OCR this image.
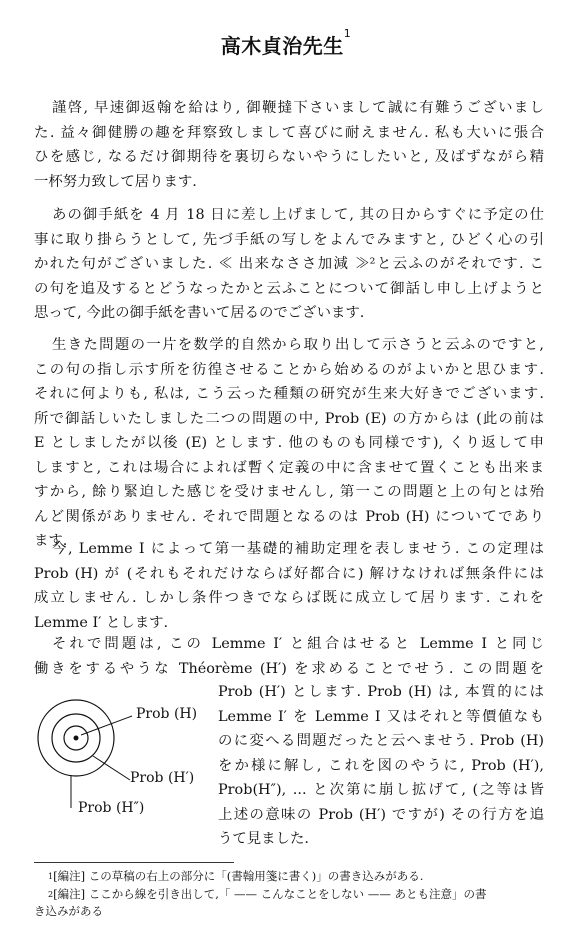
高木貞治先生$^1$
謹啓, 早速御返翰を給はり, 御鞭撻下さいまして誠に有難うございまし
た. 益々御健勝の趣を拜察致しまして喜びに耐えません. 私も大いに張合
ひを感じ, なるだけ御期待を裏切らないやうにしたいと, 及ばずながら精
一杯努力致して居ります.
あの御手紙を 4 月 18 日に差し上げまして, 其の日からすぐに予定の仕
事に取り掛らうとして, 先づ手紙の写しをよんでみますと, ひどく心の引
かれた句がございました. ≪ 出来なささ加減 ≫²と云ふのがそれです. こ
の句を追及するとどうなったかと云ふことについて御話し申し上げようと
思って, 今此の御手紙を書いて居るのでございます.
生きた問題の一片を数学的自然から取り出して示さうと云ふのですと,
この句の指し示す所を彷徨させることから始めるのがよいかと思ひます.
それに何よりも, 私は, こう云った種類の研究が生来大好きでございます.
所で御話しいたしました二つの問題の中, Prob (E) の方からは (此の前は
E としましたが以後 (E) とします. 他のものも同様です), くり返して申
しますと, これは場合によれば暫く定義の中に含ませて置くことも出来ま
すから, 餘り緊迫した感じを受けませんし, 第一この問題と上の句とは殆
んど関係がありません. それで問題となるのは Prob (H) についてであり
ます.
今, Lemme I によって第一基礎的補助定理を表しませう. この定理は
Prob (H) が (それもそれだけならば好都合に) 解けなければ無条件には
成立しません. しかし条件つきでならば既に成立して居ります. これを
Lemme I′ とします.
それで問題は, この Lemme I′ と組合はせると Lemme I と同じ
働きをするやうな Théorème (H′) を求めることでせう. この問題を
Prob (H)
Prob (H′)
Prob (H″)
Prob (H′) とします. Prob (H) は, 本質的には
Lemme I′ を Lemme I 又はそれと等價値なも
のに変へる問題だったと云へませう. Prob (H)
をか様に解し, これを図のやうに, Prob (H′),
Prob(H″), ... と次第に崩し拡げて, (之等は皆
上述の意味の Prob (H′) ですが) その行方を追
うて見ました.
$^1$[編注] この草稿の右上の部分に「(書翰用箋に書く)」の書き込みがある.
$^2$[編注] ここから線を引き出して,「 —— こんなことをしない —— あとも注意」の書
き込みがある
